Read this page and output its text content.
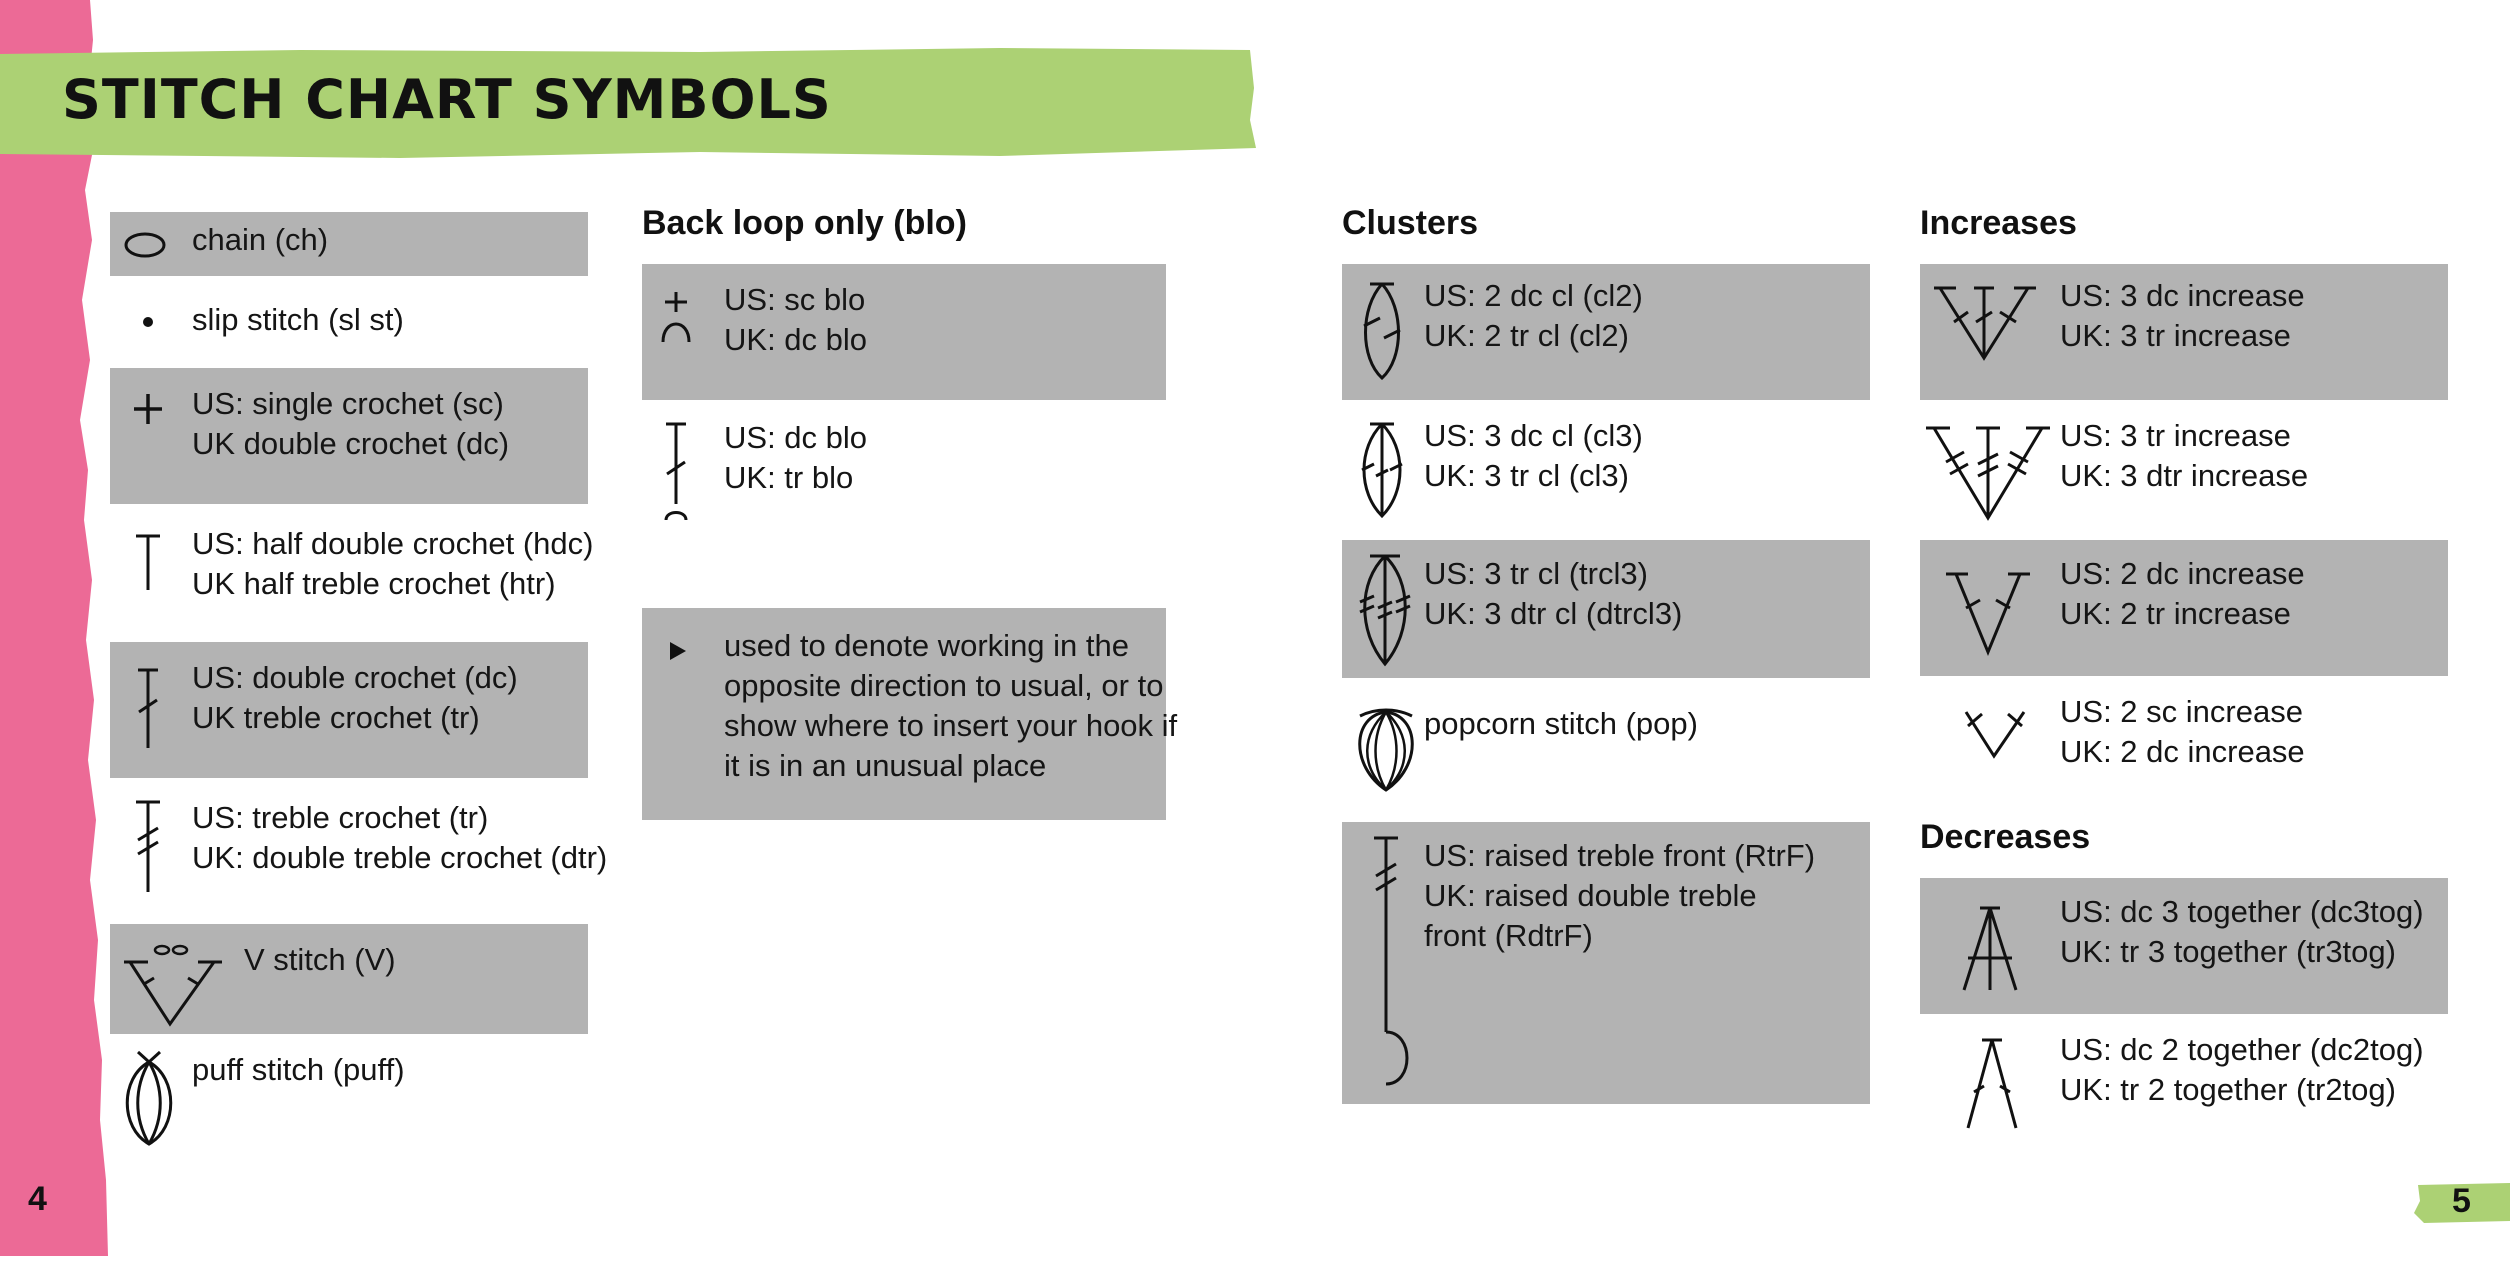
STITCH CHART SYMBOLS
chain (ch)
slip stitch (sl st)
US: single crochet (sc)
UK double crochet (dc)
US: half double crochet (hdc)
UK half treble crochet (htr)
US: double crochet (dc)
UK treble crochet (tr)
US: treble crochet (tr)
UK: double treble crochet (dtr)
V stitch (V)
puff stitch (puff)
Back loop only (blo)
US: sc blo
UK: dc blo
US: dc blo
UK: tr blo
used to denote working in the
opposite direction to usual, or to
show where to insert your hook if
it is in an unusual place
Clusters
US: 2 dc cl (cl2)
UK: 2 tr cl (cl2)
US: 3 dc cl (cl3)
UK: 3 tr cl (cl3)
US: 3 tr cl (trcl3)
UK: 3 dtr cl (dtrcl3)
popcorn stitch (pop)
US: raised treble front (RtrF)
UK: raised double treble
front (RdtrF)
Increases
US: 3 dc increase
UK: 3 tr increase
US: 3 tr increase
UK: 3 dtr increase
US: 2 dc increase
UK: 2 tr increase
US: 2 sc increase
UK: 2 dc increase
Decreases
US: dc 3 together (dc3tog)
UK: tr 3 together (tr3tog)
US: dc 2 together (dc2tog)
UK: tr 2 together (tr2tog)
4	5
